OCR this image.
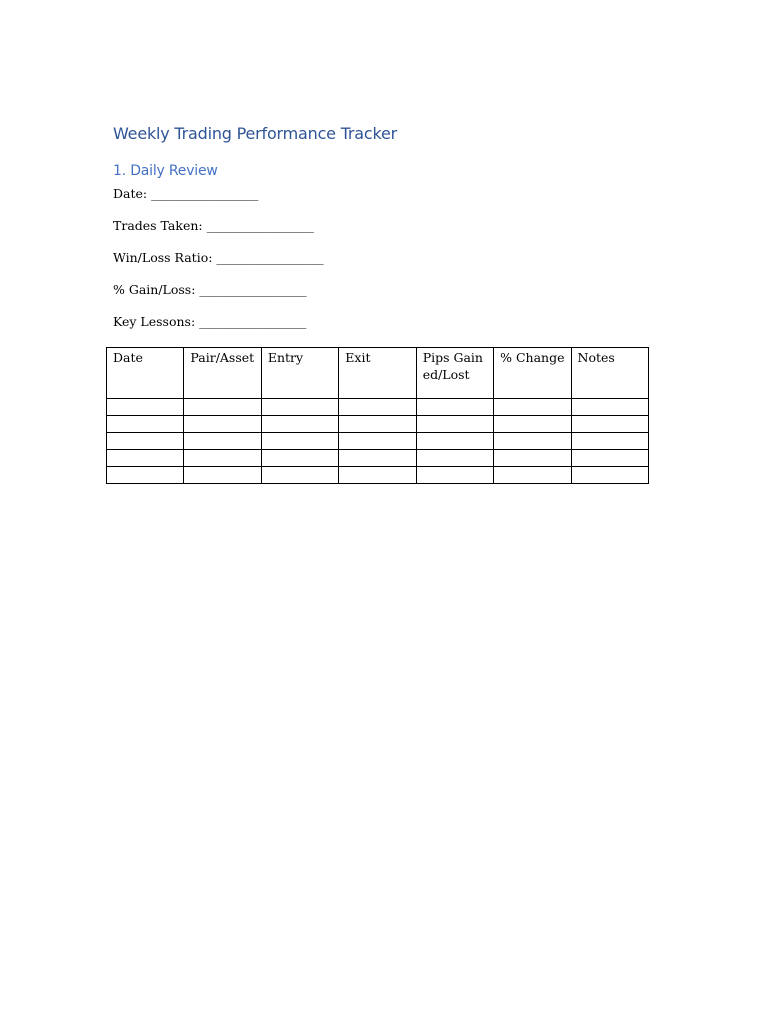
Weekly Trading Performance Tracker
1. Daily Review

Date: _____________________

Trades Taken: _____________________

Win/Loss Ratio: _____________________

% Gain/Loss: _____________________

Key Lessons: _____________________

Date	Pair/Asset	Entry	Exit	Pips Gained/Lost	% Change	Notes
